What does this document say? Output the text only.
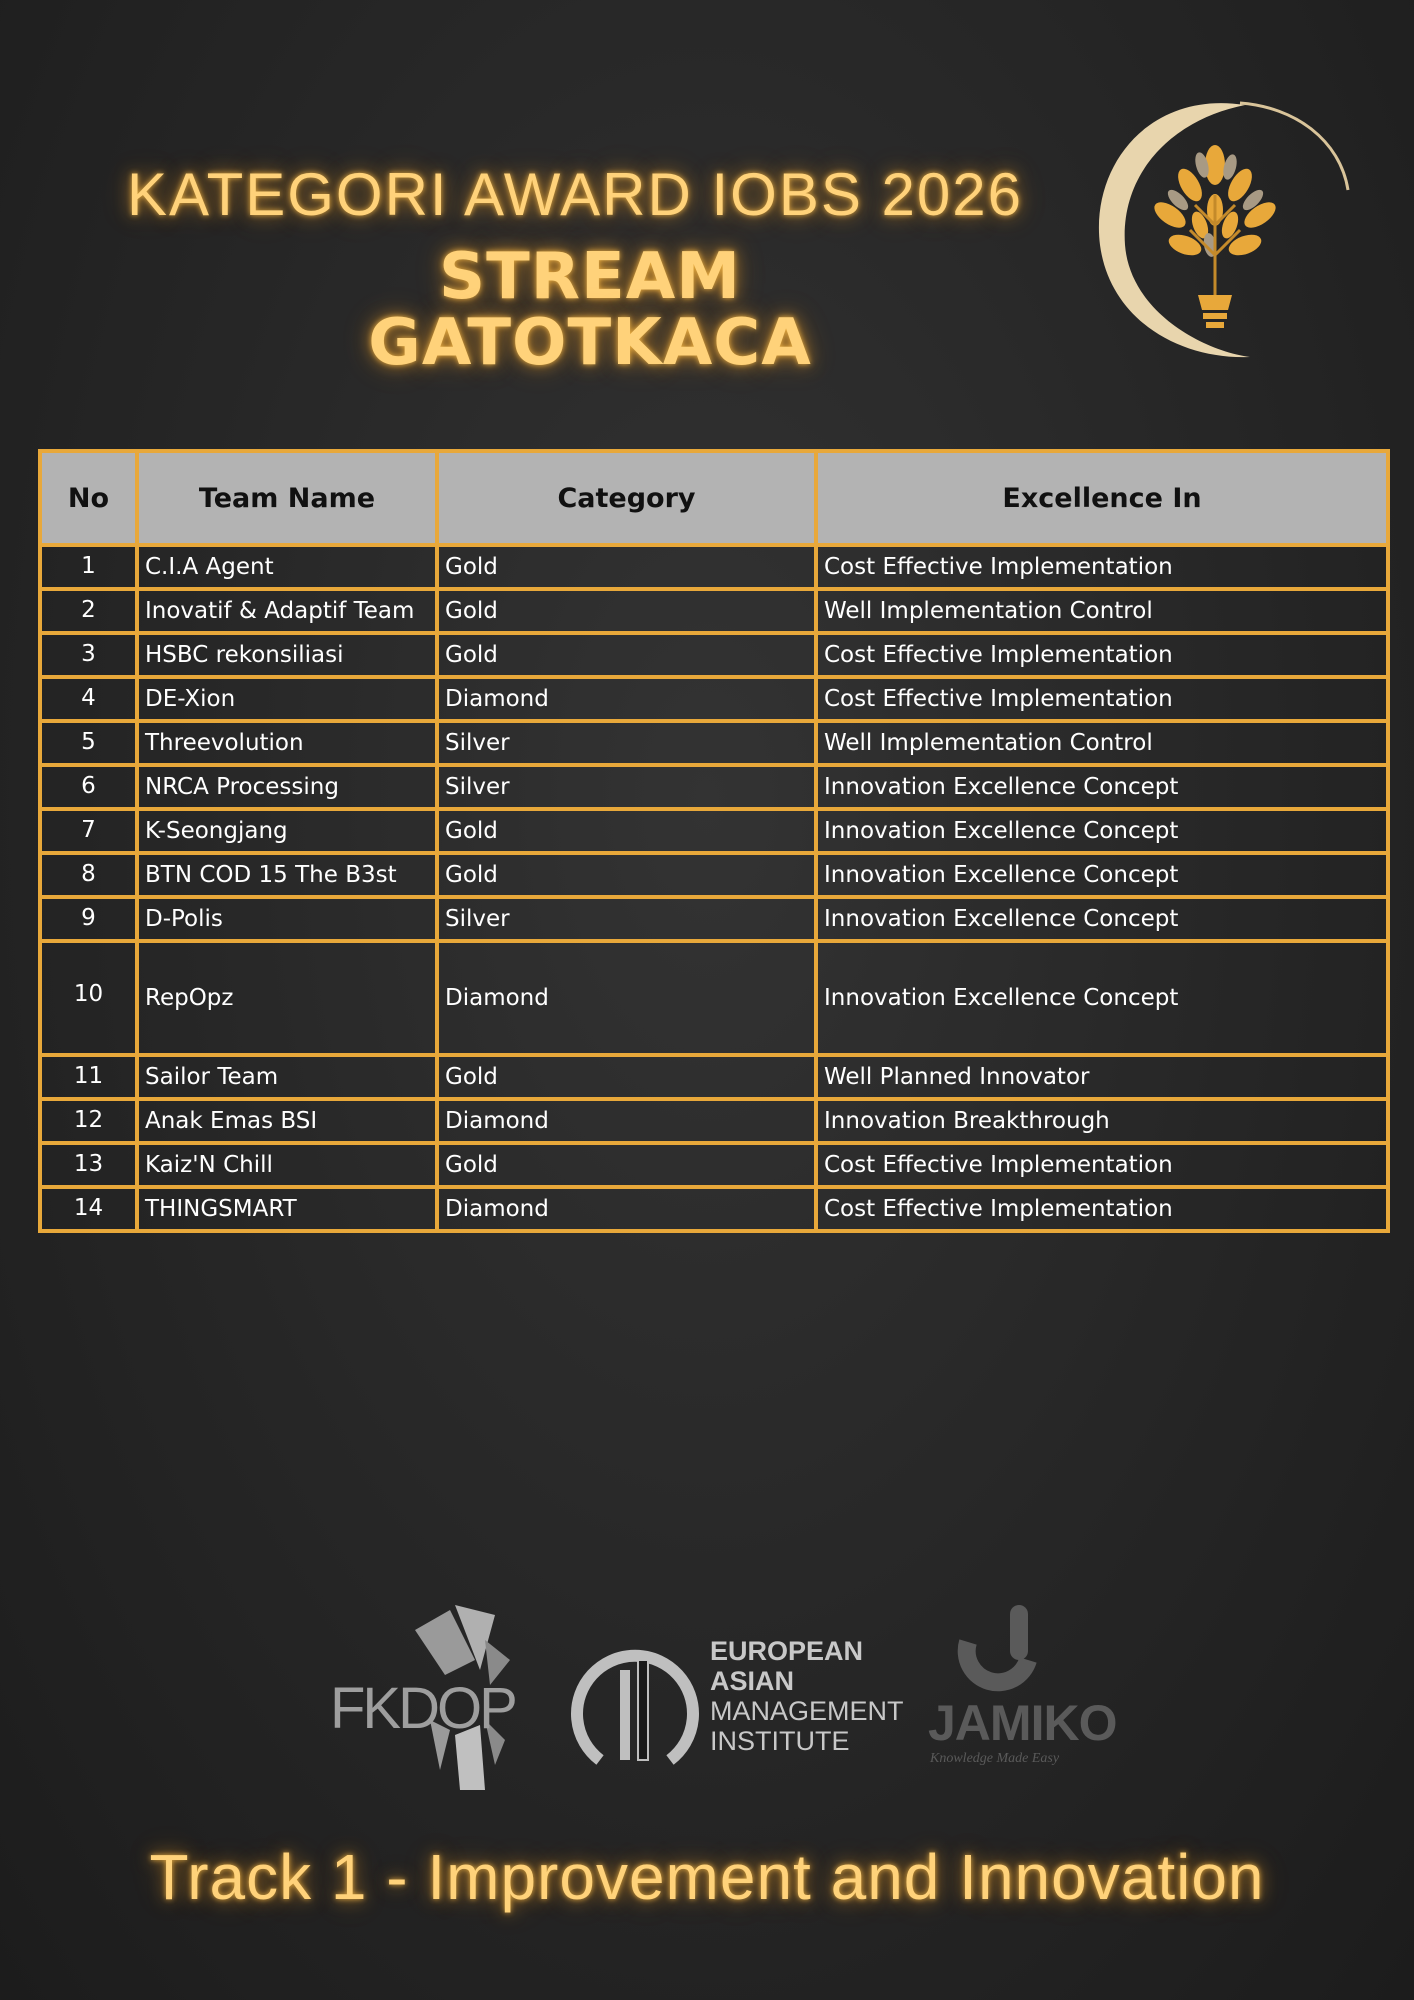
KATEGORI AWARD IOBS 2026
STREAM
GATOTKACA
No	Team Name	Category	Excellence In
1	C.I.A Agent	Gold	Cost Effective Implementation
2	Inovatif & Adaptif Team	Gold	Well Implementation Control
3	HSBC rekonsiliasi	Gold	Cost Effective Implementation
4	DE-Xion	Diamond	Cost Effective Implementation
5	Threevolution	Silver	Well Implementation Control
6	NRCA Processing	Silver	Innovation Excellence Concept
7	K-Seongjang	Gold	Innovation Excellence Concept
8	BTN COD 15 The B3st	Gold	Innovation Excellence Concept
9	D-Polis	Silver	Innovation Excellence Concept
10	RepOpz	Diamond	Innovation Excellence Concept
11	Sailor Team	Gold	Well Planned Innovator
12	Anak Emas BSI	Diamond	Innovation Breakthrough
13	Kaiz'N Chill	Gold	Cost Effective Implementation
14	THINGSMART	Diamond	Cost Effective Implementation
FKDOP
EUROPEAN
ASIAN
MANAGEMENT
INSTITUTE JAMIKO
Knowledge Made Easy
Track 1 - Improvement and Innovation
